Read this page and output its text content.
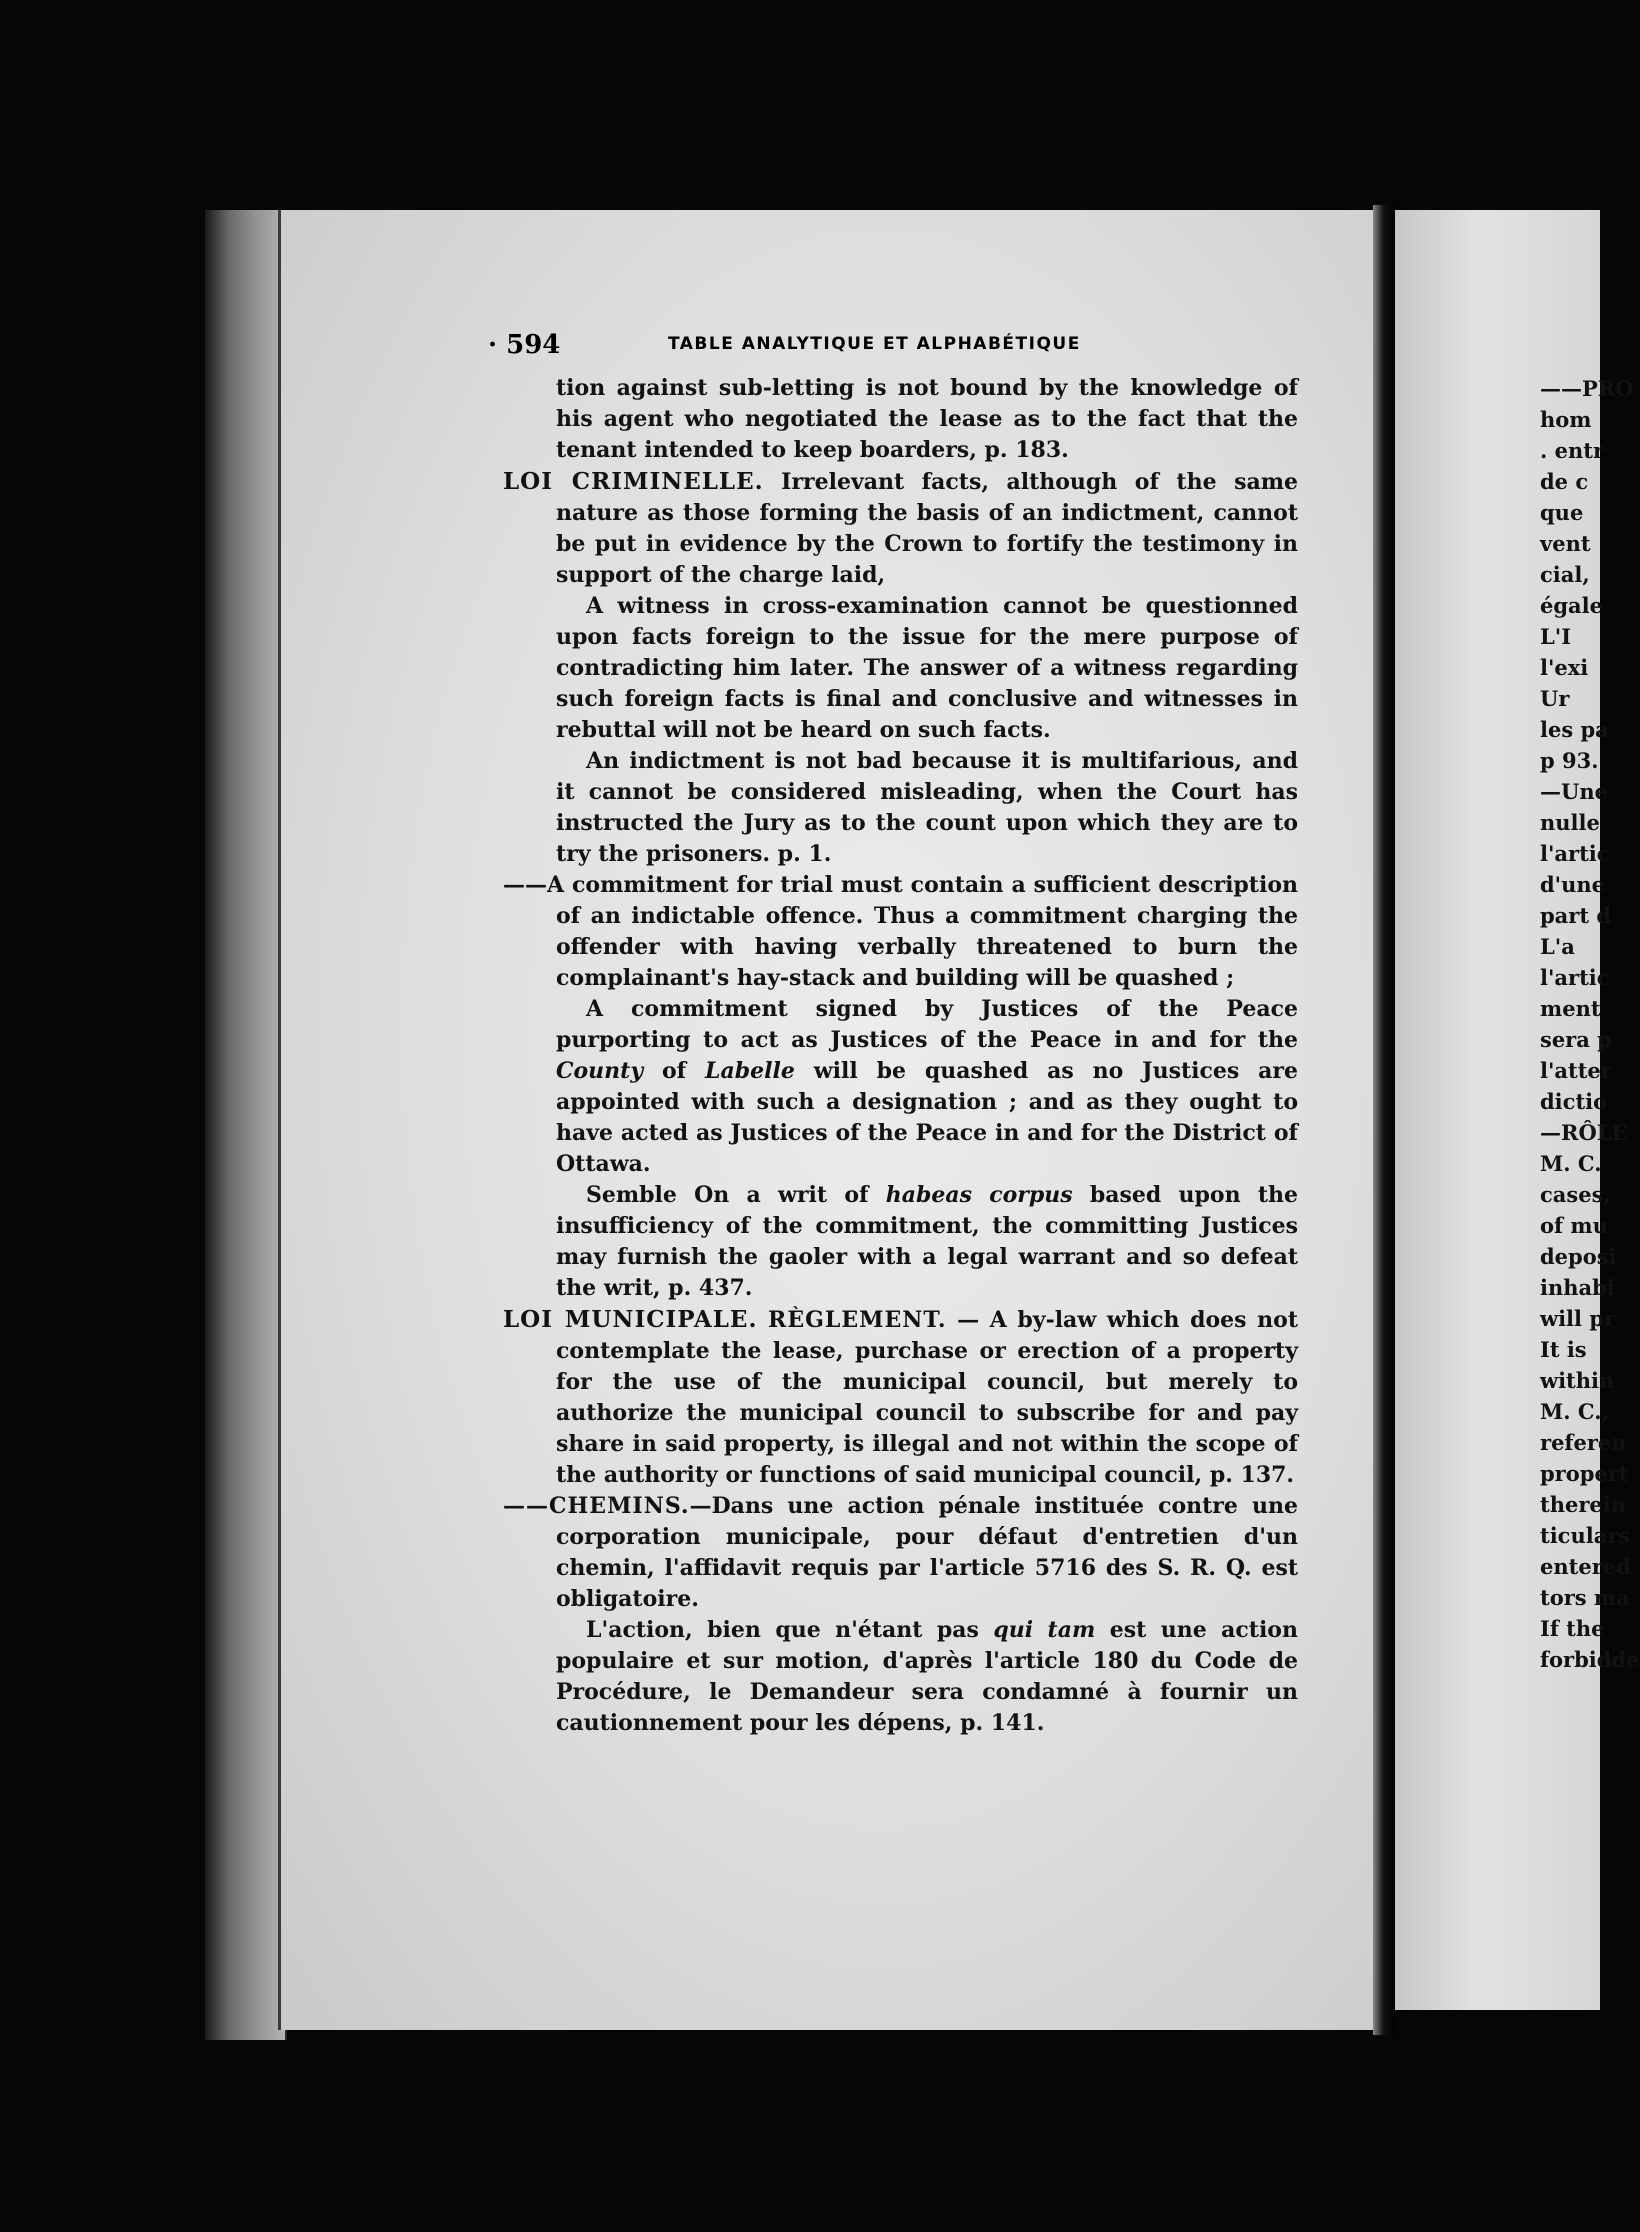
· 594	TABLE ANALYTIQUE ET ALPHABÉTIQUE

tion against sub-letting is not bound by the knowledge of his agent who negotiated the lease as to the fact that the tenant intended to keep boarders, p. 183.

LOI CRIMINELLE. Irrelevant facts, although of the same nature as those forming the basis of an indictment, cannot be put in evidence by the Crown to fortify the testimony in support of the charge laid,

A witness in cross-examination cannot be questionned upon facts foreign to the issue for the mere purpose of contradicting him later. The answer of a witness regarding such foreign facts is final and conclusive and witnesses in rebuttal will not be heard on such facts.

An indictment is not bad because it is multifarious, and it cannot be considered misleading, when the Court has instructed the Jury as to the count upon which they are to try the prisoners. p. 1.

——A commitment for trial must contain a sufficient description of an indictable offence. Thus a commitment charging the offender with having verbally threatened to burn the complainant's hay-stack and building will be quashed ;

A commitment signed by Justices of the Peace purporting to act as Justices of the Peace in and for the County of Labelle will be quashed as no Justices are appointed with such a designation ; and as they ought to have acted as Justices of the Peace in and for the District of Ottawa.

Semble On a writ of habeas corpus based upon the insufficiency of the commitment, the committing Justices may furnish the gaoler with a legal warrant and so defeat the writ, p. 437.

LOI MUNICIPALE. RÈGLEMENT. — A by-law which does not contemplate the lease, purchase or erection of a property for the use of the municipal council, but merely to authorize the municipal council to subscribe for and pay share in said property, is illegal and not within the scope of the authority or functions of said municipal council, p. 137.

——CHEMINS.—Dans une action pénale instituée contre une corporation municipale, pour défaut d'entretien d'un chemin, l'affidavit requis par l'article 5716 des S. R. Q. est obligatoire.

L'action, bien que n'étant pas qui tam est une action populaire et sur motion, d'après l'article 180 du Code de Procédure, le Demandeur sera condamné à fournir un cautionnement pour les dépens, p. 141.

——PRO
hom
. entr
de c
que
vent
cial,
égale
L'I
l'exi
Ur
les pa
p 93.
—Une
nulle
l'artic
d'une
part d
L'a
l'artic
ment
sera p
l'atter
dictio
—RÔLE
M. C.
cases,
of mu
deposi
inhabi
will pr
It is
within
M. C.,
referen
propert
therein
ticulars
entered
tors ma
If the
forbidde
